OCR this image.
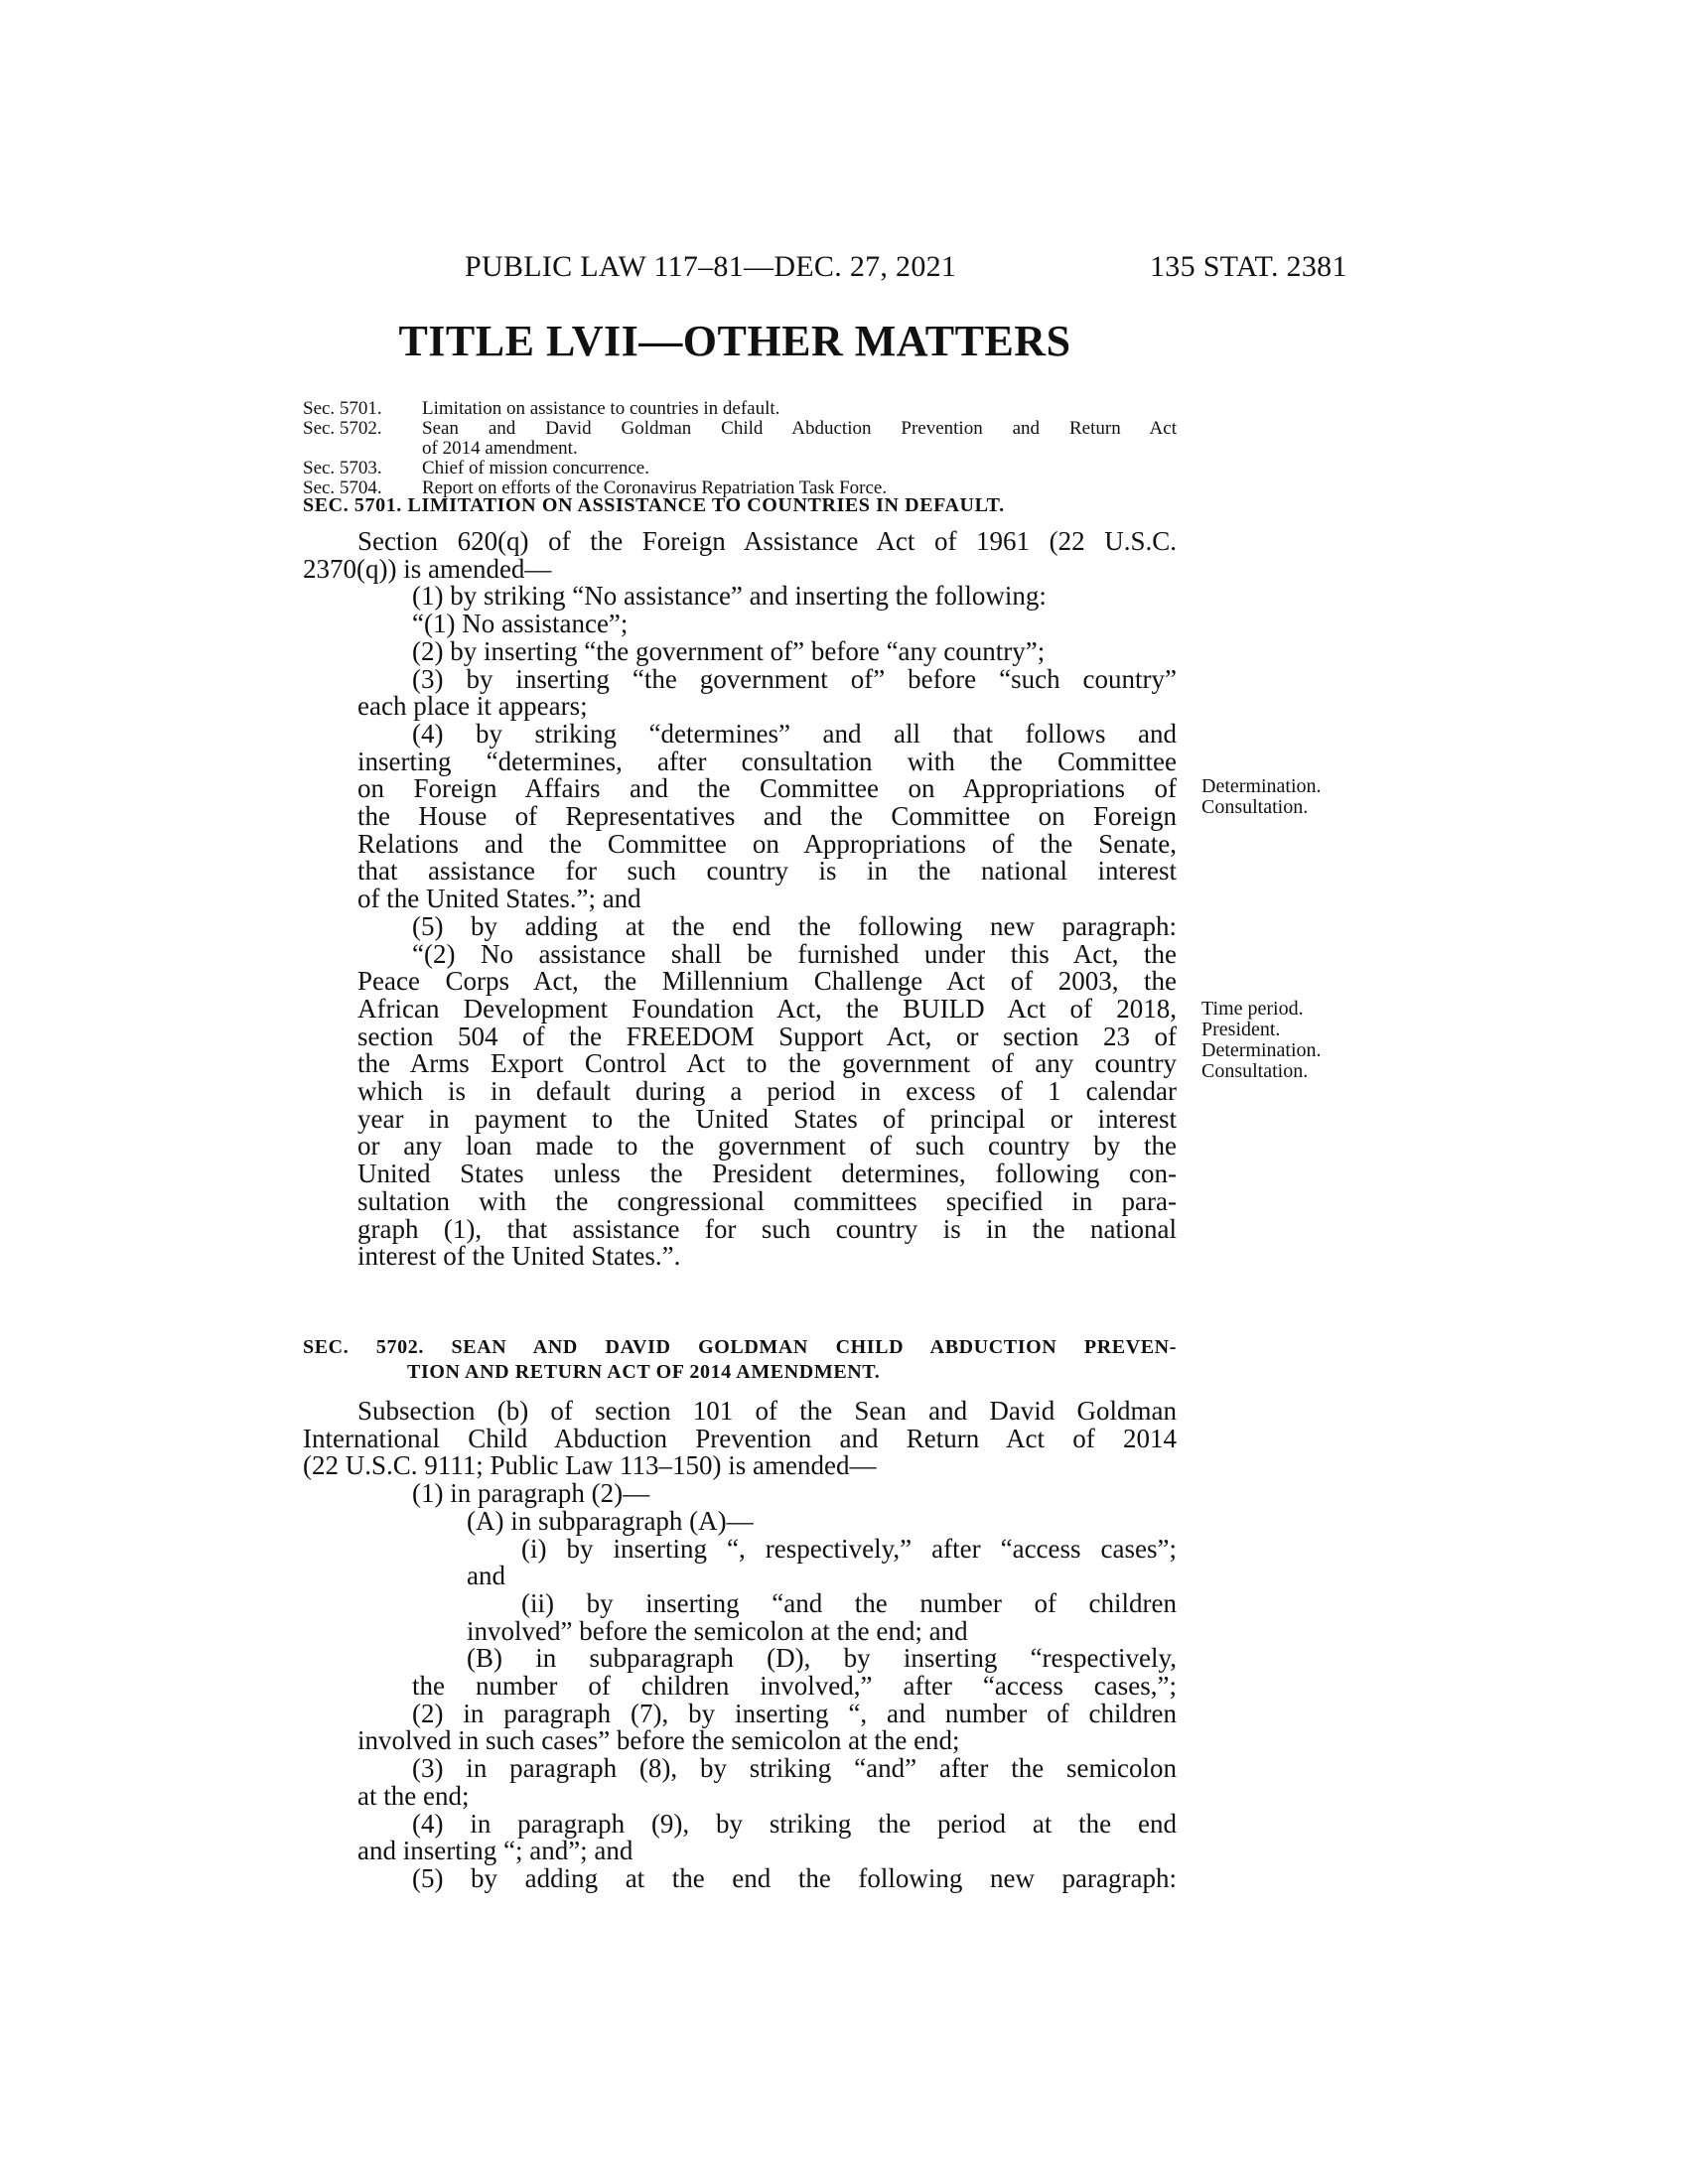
PUBLIC LAW 117–81—DEC. 27, 2021	135 STAT. 2381
TITLE LVII—OTHER MATTERS
Sec. 5701.	Limitation on assistance to countries in default.
Sec. 5702.	Sean and David Goldman Child Abduction Prevention and Return Act
of 2014 amendment.
Sec. 5703.	Chief of mission concurrence.
Sec. 5704.	Report on efforts of the Coronavirus Repatriation Task Force.
SEC. 5701. LIMITATION ON ASSISTANCE TO COUNTRIES IN DEFAULT.
Section 620(q) of the Foreign Assistance Act of 1961 (22 U.S.C.
2370(q)) is amended—
(1) by striking “No assistance” and inserting the following:
“(1) No assistance”;
(2) by inserting “the government of” before “any country”;
(3) by inserting “the government of” before “such country”
each place it appears;
(4) by striking “determines” and all that follows and
inserting “determines, after consultation with the Committee
on Foreign Affairs and the Committee on Appropriations of
the House of Representatives and the Committee on Foreign
Relations and the Committee on Appropriations of the Senate,
that assistance for such country is in the national interest
of the United States.”; and
(5) by adding at the end the following new paragraph:
“(2) No assistance shall be furnished under this Act, the
Peace Corps Act, the Millennium Challenge Act of 2003, the
African Development Foundation Act, the BUILD Act of 2018,
section 504 of the FREEDOM Support Act, or section 23 of
the Arms Export Control Act to the government of any country
which is in default during a period in excess of 1 calendar
year in payment to the United States of principal or interest
or any loan made to the government of such country by the
United States unless the President determines, following con-
sultation with the congressional committees specified in para-
graph (1), that assistance for such country is in the national
interest of the United States.”.
Determination.
Consultation.
Time period.
President.
Determination.
Consultation.
SEC. 5702. SEAN AND DAVID GOLDMAN CHILD ABDUCTION PREVEN-
TION AND RETURN ACT OF 2014 AMENDMENT.
Subsection (b) of section 101 of the Sean and David Goldman
International Child Abduction Prevention and Return Act of 2014
(22 U.S.C. 9111; Public Law 113–150) is amended—
(1) in paragraph (2)—
(A) in subparagraph (A)—
(i) by inserting “, respectively,” after “access cases”;
and
(ii) by inserting “and the number of children
involved” before the semicolon at the end; and
(B) in subparagraph (D), by inserting “respectively,
the number of children involved,” after “access cases,”;
(2) in paragraph (7), by inserting “, and number of children
involved in such cases” before the semicolon at the end;
(3) in paragraph (8), by striking “and” after the semicolon
at the end;
(4) in paragraph (9), by striking the period at the end
and inserting “; and”; and
(5) by adding at the end the following new paragraph:
